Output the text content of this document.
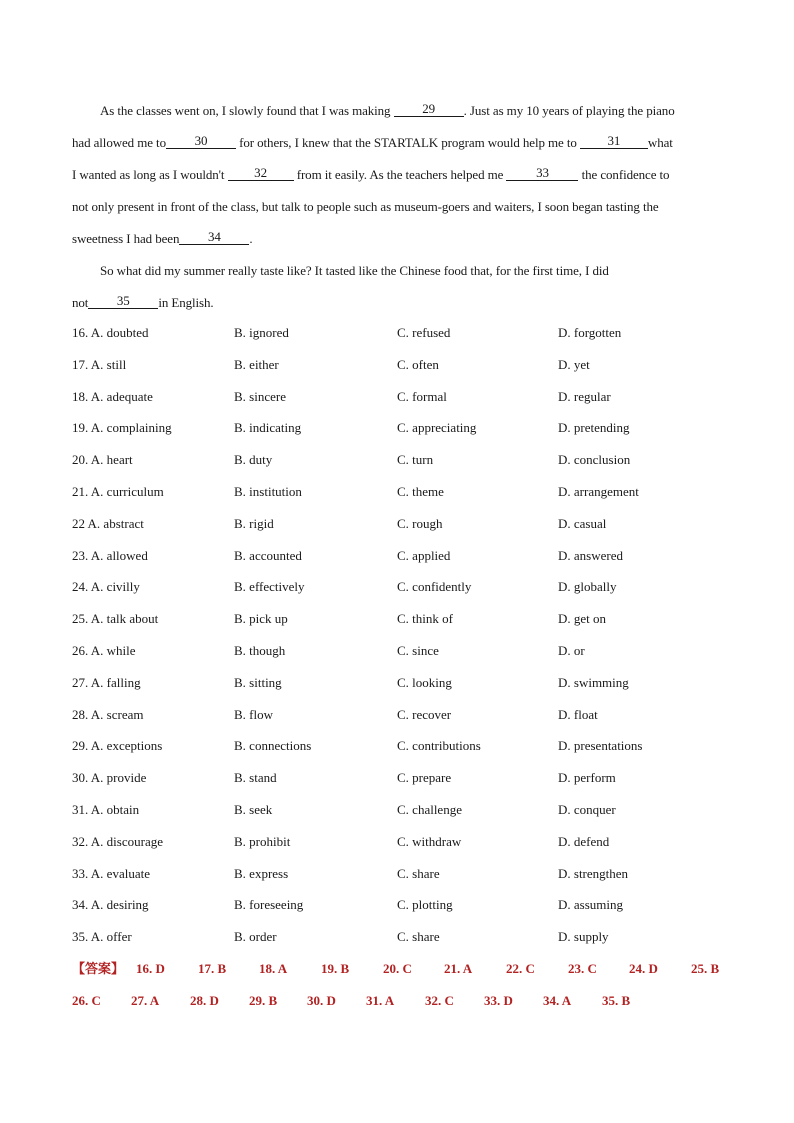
As the classes went on, I slowly found that I was making 29 . Just as my 10 years of playing the piano
had allowed me to 30 for others, I knew that the STARTALK program would help me to 31 what
I wanted as long as I wouldn't 32 from it easily. As the teachers helped me 33 the confidence to
not only present in front of the class, but talk to people such as museum-goers and waiters, I soon began tasting the
sweetness I had been 34 .
So what did my summer really taste like? It tasted like the Chinese food that, for the first time, I did
not 35 in English.
16. A. doubted	B. ignored	C. refused	D. forgotten
17. A. still	B. either	C. often	D. yet
18. A. adequate	B. sincere	C. formal	D. regular
19. A. complaining	B. indicating	C. appreciating	D. pretending
20. A. heart	B. duty	C. turn	D. conclusion
21. A. curriculum	B. institution	C. theme	D. arrangement
22 A. abstract	B. rigid	C. rough	D. casual
23. A. allowed	B. accounted	C. applied	D. answered
24. A. civilly	B. effectively	C. confidently	D. globally
25. A. talk about	B. pick up	C. think of	D. get on
26. A. while	B. though	C. since	D. or
27. A. falling	B. sitting	C. looking	D. swimming
28. A. scream	B. flow	C. recover	D. float
29. A. exceptions	B. connections	C. contributions	D. presentations
30. A. provide	B. stand	C. prepare	D. perform
31. A. obtain	B. seek	C. challenge	D. conquer
32. A. discourage	B. prohibit	C. withdraw	D. defend
33. A. evaluate	B. express	C. share	D. strengthen
34. A. desiring	B. foreseeing	C. plotting	D. assuming
35. A. offer	B. order	C. share	D. supply
【答案】 16. D	17. B	18. A	19. B	20. C 21. A	22. C	23. C 24. D	25. B
26. C 27. A 28. D 29. B 30. D 31. A 32. C 33. D 34. A 35. B
